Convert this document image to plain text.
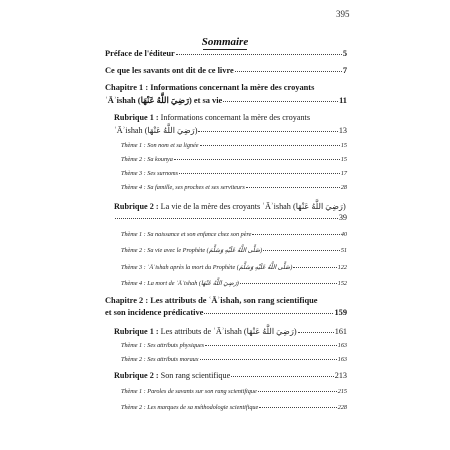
395
Sommaire
Préface de l'éditeur	5
Ce que les savants ont dit de ce livre	7
Chapitre 1 : Informations concernant la mère des croyants
ʿĀʾishah (رَضِيَ اللَّهُ عَنْهَا) et sa vie	11
Rubrique 1 : Informations concernant la mère des croyants
ʿĀʾishah (رَضِيَ اللَّهُ عَنْهَا)	13
Thème 1 : Son nom et sa lignée	15
Thème 2 : Sa kounya	15
Thème 3 : Ses surnoms	17
Thème 4 : Sa famille, ses proches et ses serviteurs	28
Rubrique 2 : La vie de la mère des croyants ʿĀʾishah (رَضِيَ اللَّهُ عَنْهَا)
39
Thème 1 : Sa naissance et son enfance chez son père	40
Thème 2 : Sa vie avec le Prophète (صَلَّى اللَّهُ عَلَيْهِ وَسَلَّمَ)	51
Thème 3 : ʿĀʾishah après la mort du Prophète (صَلَّى اللَّهُ عَلَيْهِ وَسَلَّمَ)	122
Thème 4 : La mort de ʿĀʾishah (رَضِيَ اللَّهُ عَنْهَا)	152
Chapitre 2 : Les attributs de ʿĀʾishah, son rang scientifique
et son incidence prédicative	159
Rubrique 1 : Les attributs de ʿĀʾishah (رَضِيَ اللَّهُ عَنْهَا)	161
Thème 1 : Ses attributs physiques	163
Thème 2 : Ses attributs moraux	163
Rubrique 2 : Son rang scientifique	213
Thème 1 : Paroles de savants sur son rang scientifique	215
Thème 2 : Les marques de sa méthodologie scientifique	228
